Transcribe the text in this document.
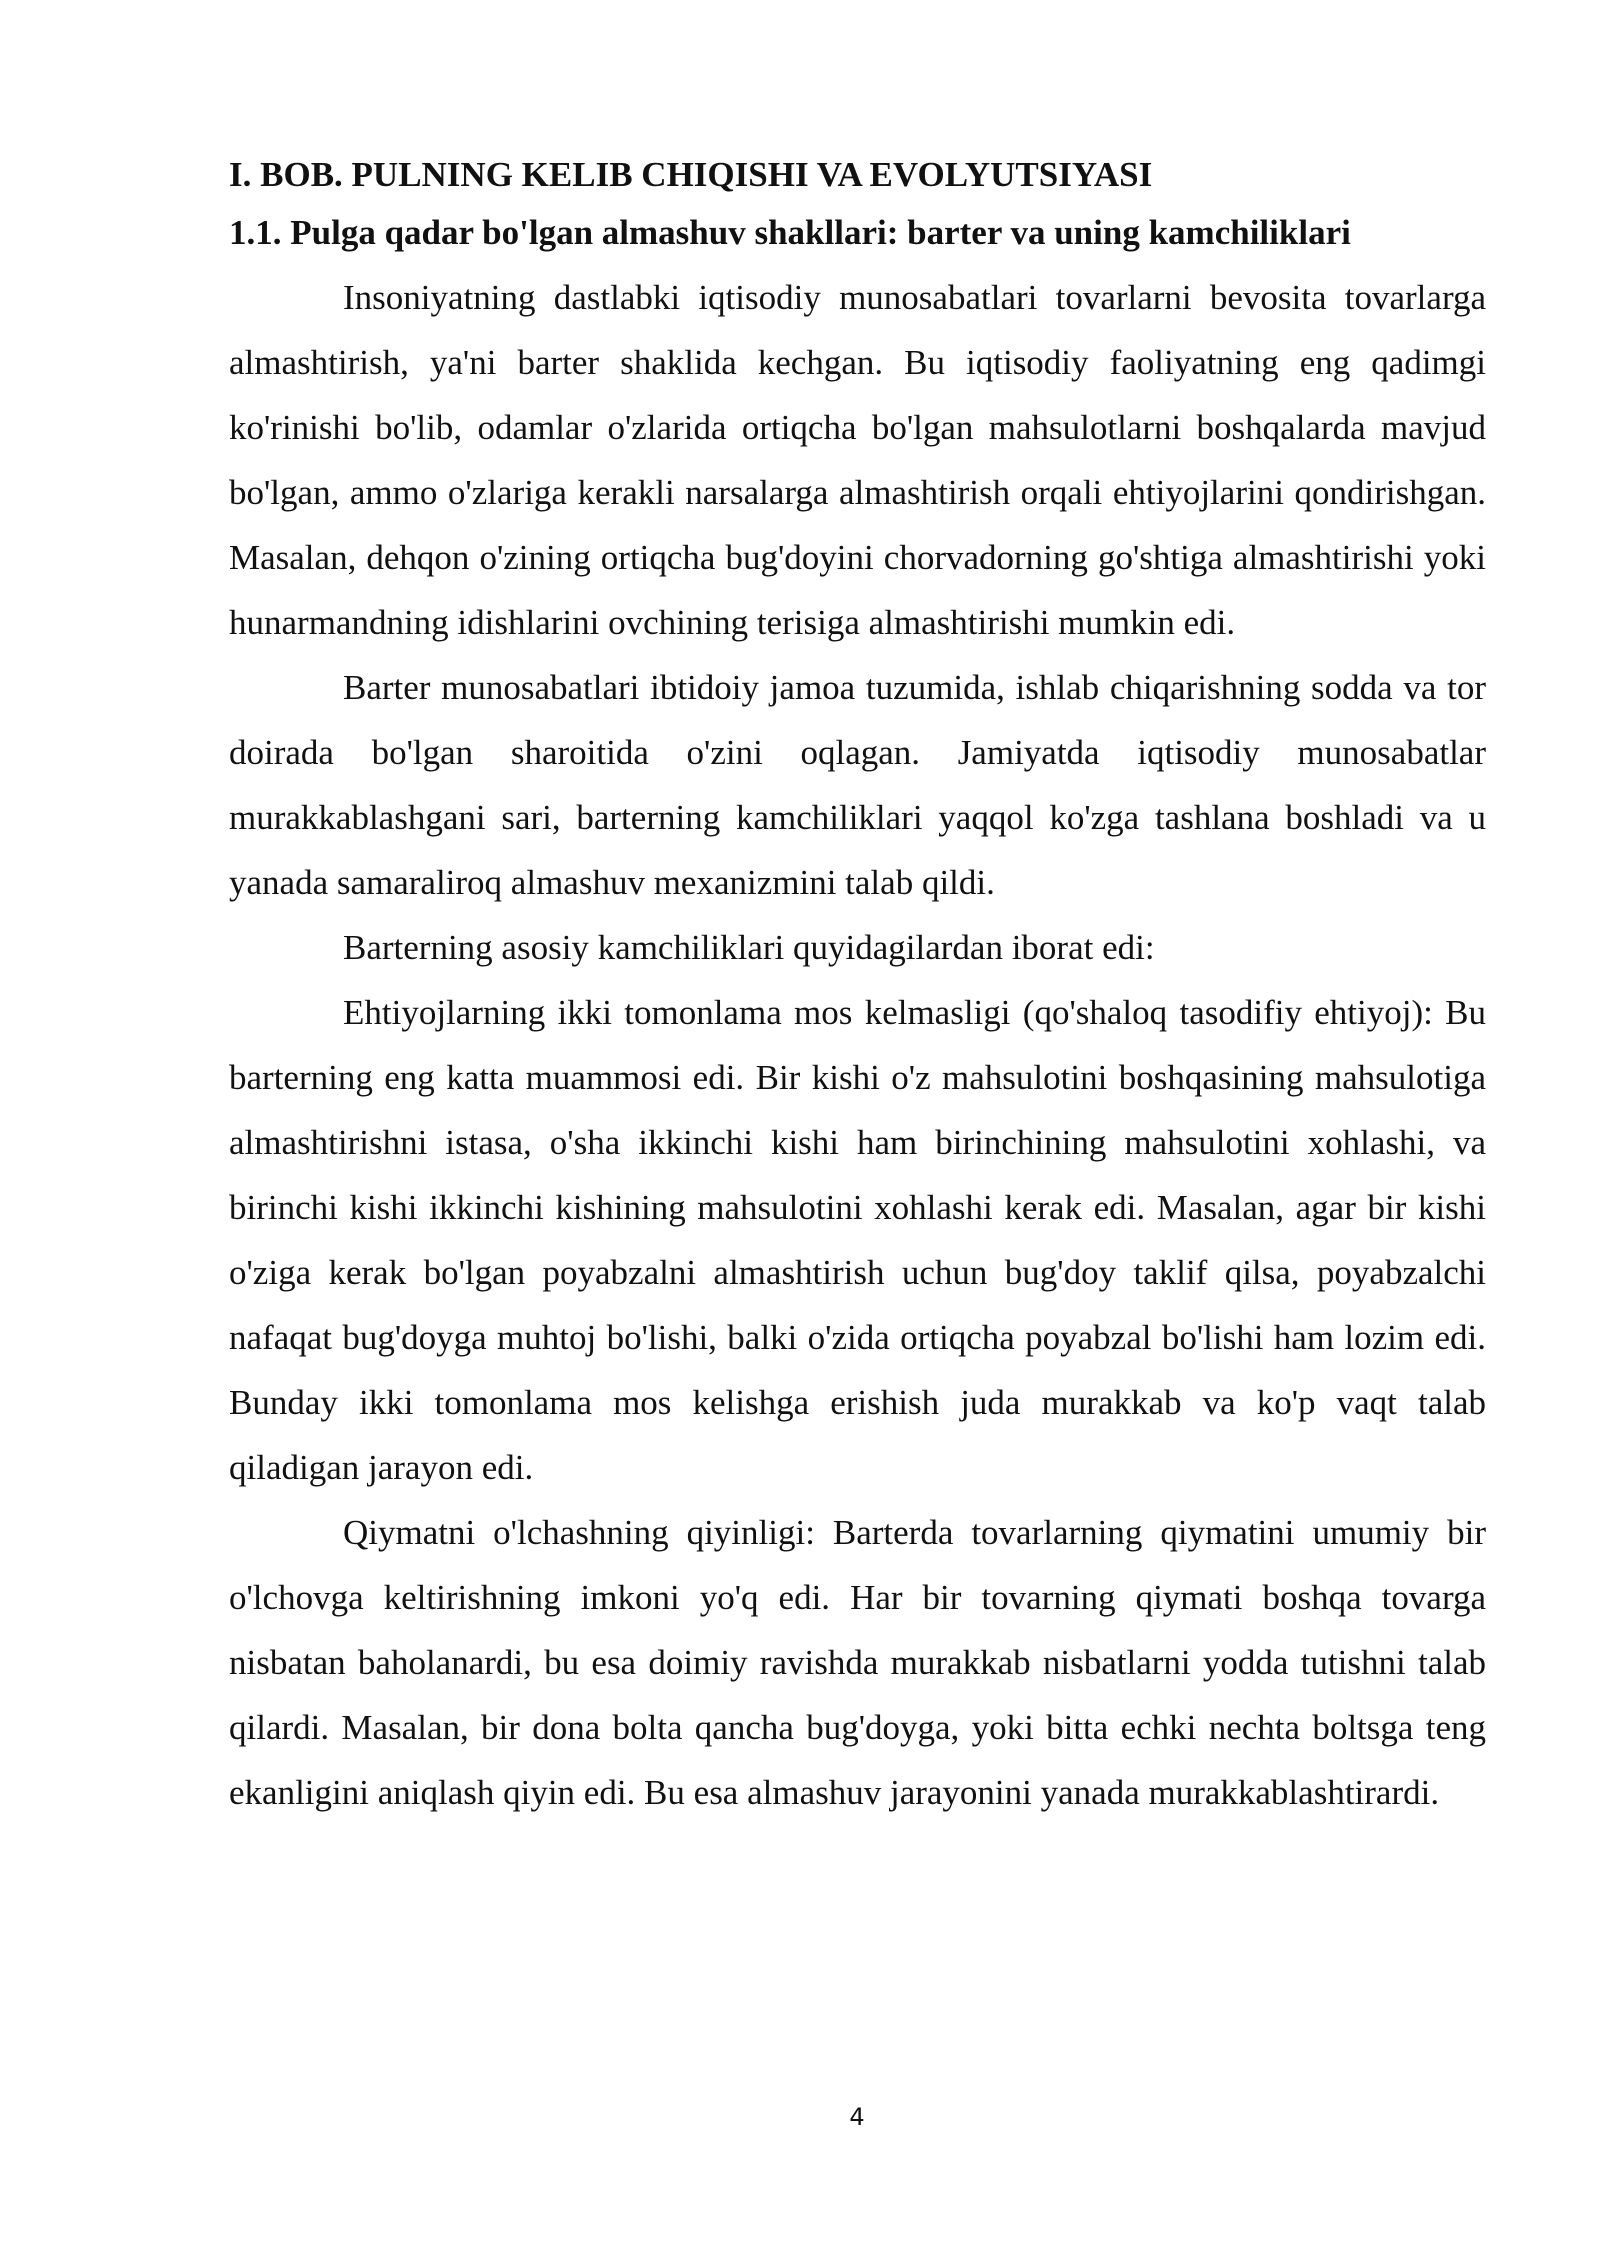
I. BOB. PULNING KELIB CHIQISHI VA EVOLYUTSIYASI
1.1. Pulga qadar bo'lgan almashuv shakllari: barter va uning kamchiliklari

Insoniyatning dastlabki iqtisodiy munosabatlari tovarlarni bevosita tovarlarga almashtirish, ya'ni barter shaklida kechgan. Bu iqtisodiy faoliyatning eng qadimgi ko'rinishi bo'lib, odamlar o'zlarida ortiqcha bo'lgan mahsulotlarni boshqalarda mavjud bo'lgan, ammo o'zlariga kerakli narsalarga almashtirish orqali ehtiyojlarini qondirishgan. Masalan, dehqon o'zining ortiqcha bug'doyini chorvadorning go'shtiga almashtirishi yoki hunarmandning idishlarini ovchining terisiga almashtirishi mumkin edi.

Barter munosabatlari ibtidoiy jamoa tuzumida, ishlab chiqarishning sodda va tor doirada bo'lgan sharoitida o'zini oqlagan. Jamiyatda iqtisodiy munosabatlar murakkablashgani sari, barterning kamchiliklari yaqqol ko'zga tashlana boshladi va u yanada samaraliroq almashuv mexanizmini talab qildi.

Barterning asosiy kamchiliklari quyidagilardan iborat edi:

Ehtiyojlarning ikki tomonlama mos kelmasligi (qo'shaloq tasodifiy ehtiyoj): Bu barterning eng katta muammosi edi. Bir kishi o'z mahsulotini boshqasining mahsulotiga almashtirishni istasa, o'sha ikkinchi kishi ham birinchining mahsulotini xohlashi, va birinchi kishi ikkinchi kishining mahsulotini xohlashi kerak edi. Masalan, agar bir kishi o'ziga kerak bo'lgan poyabzalni almashtirish uchun bug'doy taklif qilsa, poyabzalchi nafaqat bug'doyga muhtoj bo'lishi, balki o'zida ortiqcha poyabzal bo'lishi ham lozim edi. Bunday ikki tomonlama mos kelishga erishish juda murakkab va ko'p vaqt talab qiladigan jarayon edi.

Qiymatni o'lchashning qiyinligi: Barterda tovarlarning qiymatini umumiy bir o'lchovga keltirishning imkoni yo'q edi. Har bir tovarning qiymati boshqa tovarga nisbatan baholanardi, bu esa doimiy ravishda murakkab nisbatlarni yodda tutishni talab qilardi. Masalan, bir dona bolta qancha bug'doyga, yoki bitta echki nechta boltsga teng ekanligini aniqlash qiyin edi. Bu esa almashuv jarayonini yanada murakkablashtirardi.

4
